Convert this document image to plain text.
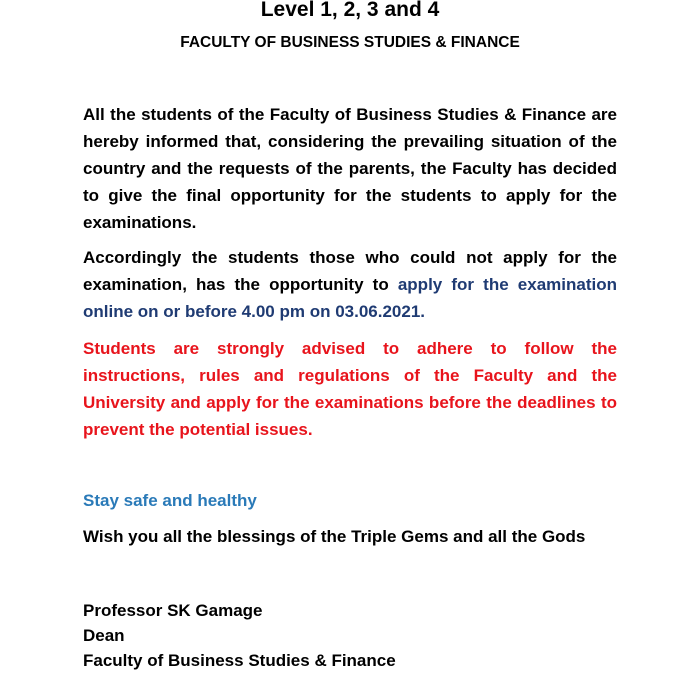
Level 1, 2, 3 and 4
FACULTY OF BUSINESS STUDIES & FINANCE

All the students of the Faculty of Business Studies & Finance are hereby informed that, considering the prevailing situation of the country and the requests of the parents, the Faculty has decided to give the final opportunity for the students to apply for the examinations.

Accordingly the students those who could not apply for the examination, has the opportunity to apply for the examination online on or before 4.00 pm on 03.06.2021.

Students are strongly advised to adhere to follow the instructions, rules and regulations of the Faculty and the University and apply for the examinations before the deadlines to prevent the potential issues.

Stay safe and healthy

Wish you all the blessings of the Triple Gems and all the Gods

Professor SK Gamage

Dean

Faculty of Business Studies & Finance
